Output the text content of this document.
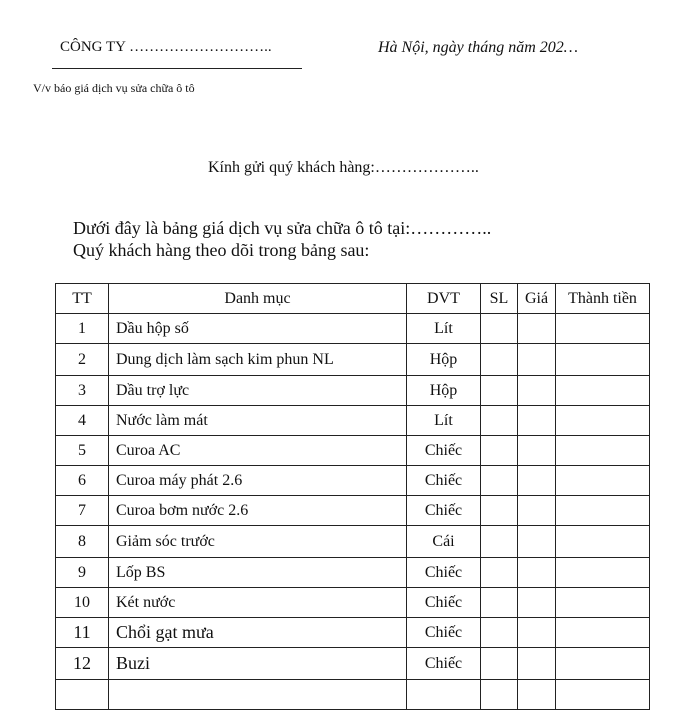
CÔNG TY ………………………..	Hà Nội, ngày tháng năm 202…
V/v báo giá dịch vụ sửa chữa ô tô
Kính gửi quý khách hàng:………………..
Dưới đây là bảng giá dịch vụ sửa chữa ô tô tại:…………..
Quý khách hàng theo dõi trong bảng sau:
TT	Danh mục	DVT	SL	Giá	Thành tiền
1	Dầu hộp số	Lít			
2	Dung dịch làm sạch kim phun NL	Hộp			
3	Dầu trợ lực	Hộp			
4	Nước làm mát	Lít			
5	Curoa AC	Chiếc			
6	Curoa máy phát 2.6	Chiếc			
7	Curoa bơm nước 2.6	Chiếc			
8	Giảm sóc trước	Cái			
9	Lốp BS	Chiếc			
10	Két nước	Chiếc			
11	Chổi gạt mưa	Chiếc			
12	Buzi	Chiếc			
